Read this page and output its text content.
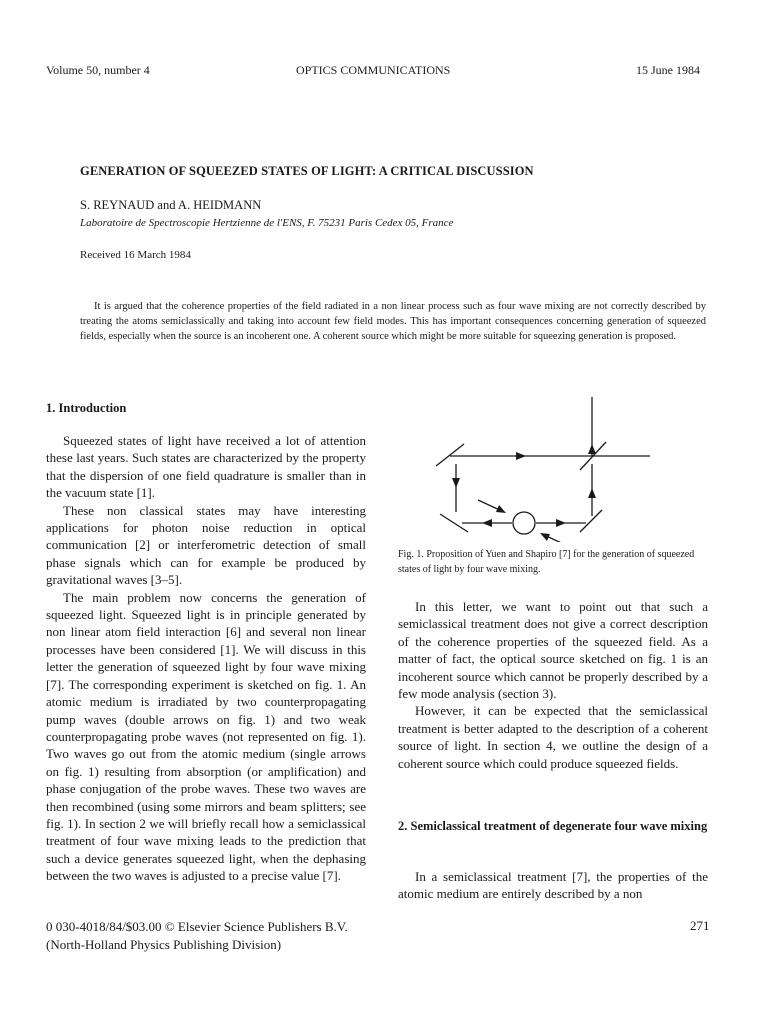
Volume 50, number 4	OPTICS COMMUNICATIONS	15 June 1984
GENERATION OF SQUEEZED STATES OF LIGHT: A CRITICAL DISCUSSION
S. REYNAUD and A. HEIDMANN
Laboratoire de Spectroscopie Hertzienne de l'ENS, F. 75231 Paris Cedex 05, France
Received 16 March 1984
It is argued that the coherence properties of the field radiated in a non linear process such as four wave mixing are not correctly described by treating the atoms semiclassically and taking into account few field modes. This has important consequences concerning generation of squeezed fields, especially when the source is an incoherent one. A coherent source which might be more suitable for squeezing generation is proposed.
1. Introduction

Squeezed states of light have received a lot of attention these last years. Such states are characterized by the property that the dispersion of one field quadrature is smaller than in the vacuum state [1].

These non classical states may have interesting applications for photon noise reduction in optical communication [2] or interferometric detection of small phase signals which can for example be produced by gravitational waves [3–5].

The main problem now concerns the generation of squeezed light. Squeezed light is in principle generated by non linear atom field interaction [6] and several non linear processes have been considered [1]. We will discuss in this letter the generation of squeezed light by four wave mixing [7]. The corresponding experiment is sketched on fig. 1. An atomic medium is irradiated by two counterpropagating pump waves (double arrows on fig. 1) and two weak counterpropagating probe waves (not represented on fig. 1). Two waves go out from the atomic medium (single arrows on fig. 1) resulting from absorption (or amplification) and phase conjugation of the probe waves. These two waves are then recombined (using some mirrors and beam splitters; see fig. 1). In section 2 we will briefly recall how a semiclassical treatment of four wave mixing leads to the prediction that such a device generates squeezed light, when the dephasing between the two waves is adjusted to a precise value [7].

Fig. 1. Proposition of Yuen and Shapiro [7] for the generation of squeezed states of light by four wave mixing.

In this letter, we want to point out that such a semiclassical treatment does not give a correct description of the coherence properties of the squeezed field. As a matter of fact, the optical source sketched on fig. 1 is an incoherent source which cannot be properly described by a few mode analysis (section 3).

However, it can be expected that the semiclassical treatment is better adapted to the description of a coherent source of light. In section 4, we outline the design of a coherent source which could produce squeezed fields.

2. Semiclassical treatment of degenerate four wave mixing

In a semiclassical treatment [7], the properties of the atomic medium are entirely described by a non

0 030-4018/84/$03.00 © Elsevier Science Publishers B.V.
(North-Holland Physics Publishing Division)
271
